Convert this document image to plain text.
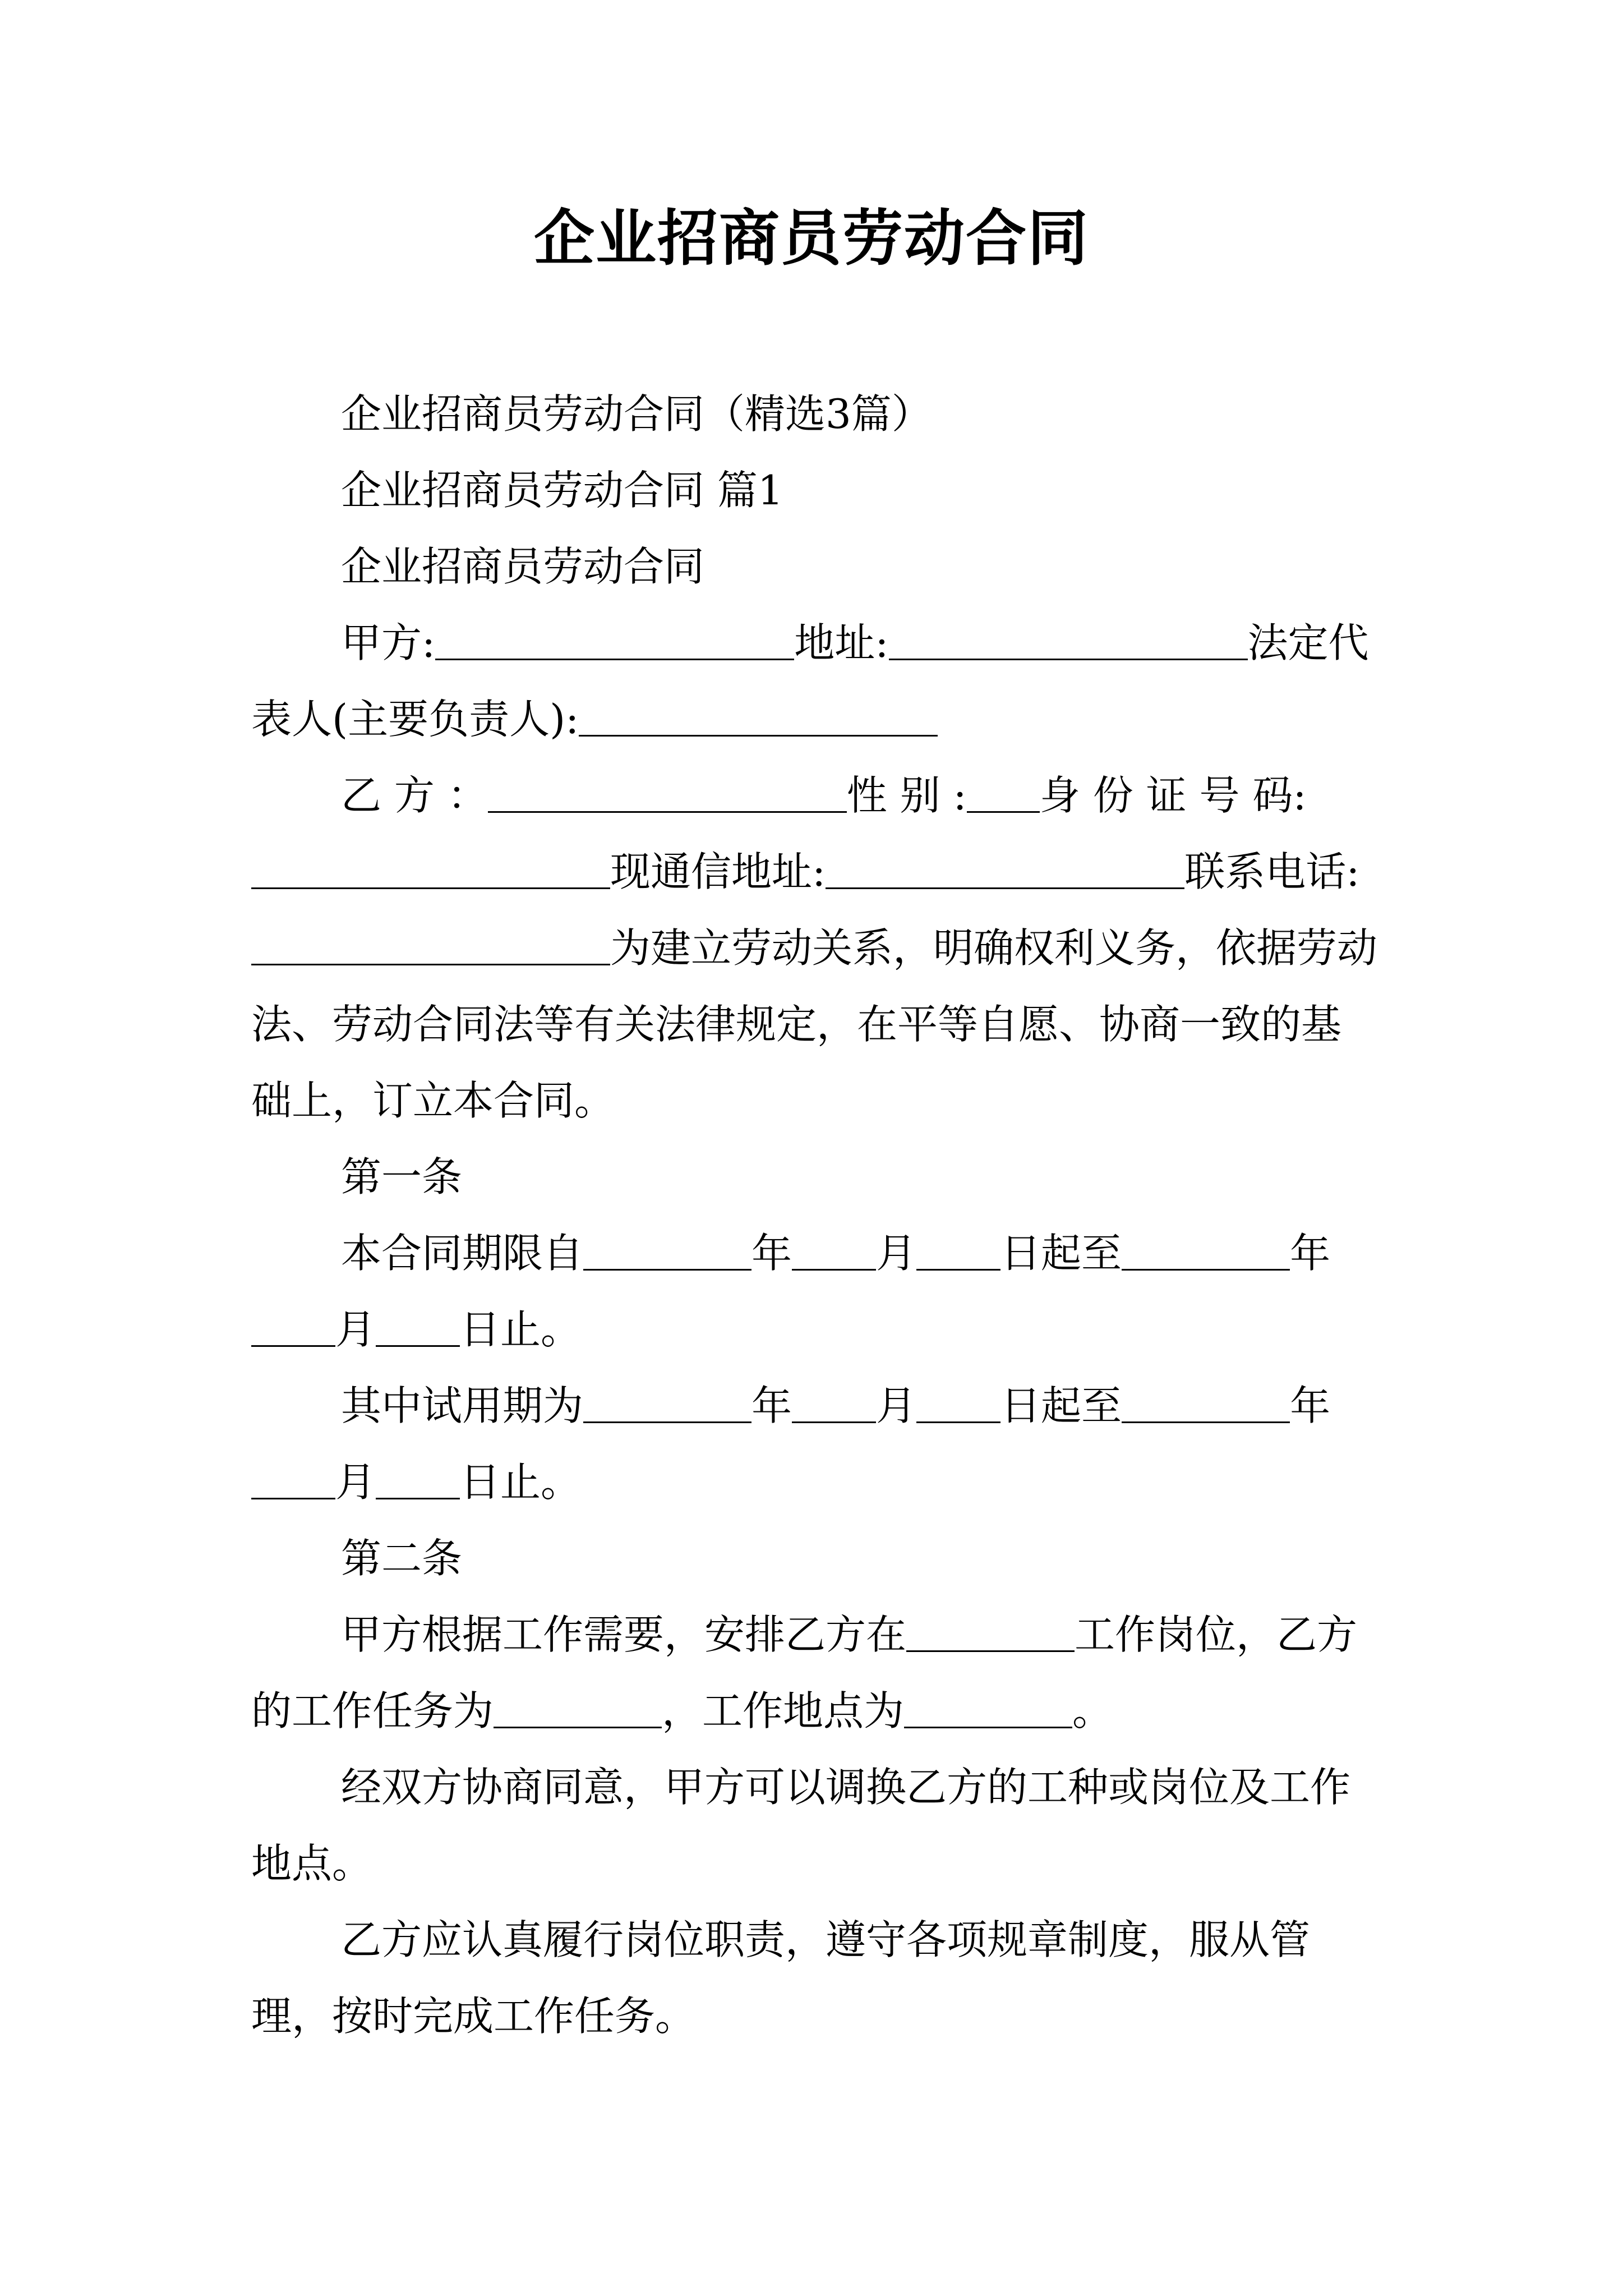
企业招商员劳动合同

企业招商员劳动合同（精选3篇）

企业招商员劳动合同 篇1

企业招商员劳动合同

甲方:	地址:	法定代表人(主要负责人):

乙 方 ：	性 别 : 身 份 证 号 码:现通信地址:	联系电话:为建立劳动关系，明确权利义务，依据劳动法、劳动合同法等有关法律规定，在平等自愿、协商一致的基础上，订立本合同。

第一条

本合同期限自	年 月 日起至	年月 日止。

其中试用期为	年 月 日起至	年月 日止。

第二条

甲方根据工作需要，安排乙方在	工作岗位，乙方的工作任务为	，工作地点为	。

经双方协商同意，甲方可以调换乙方的工种或岗位及工作地点。

乙方应认真履行岗位职责，遵守各项规章制度，服从管理，按时完成工作任务。
